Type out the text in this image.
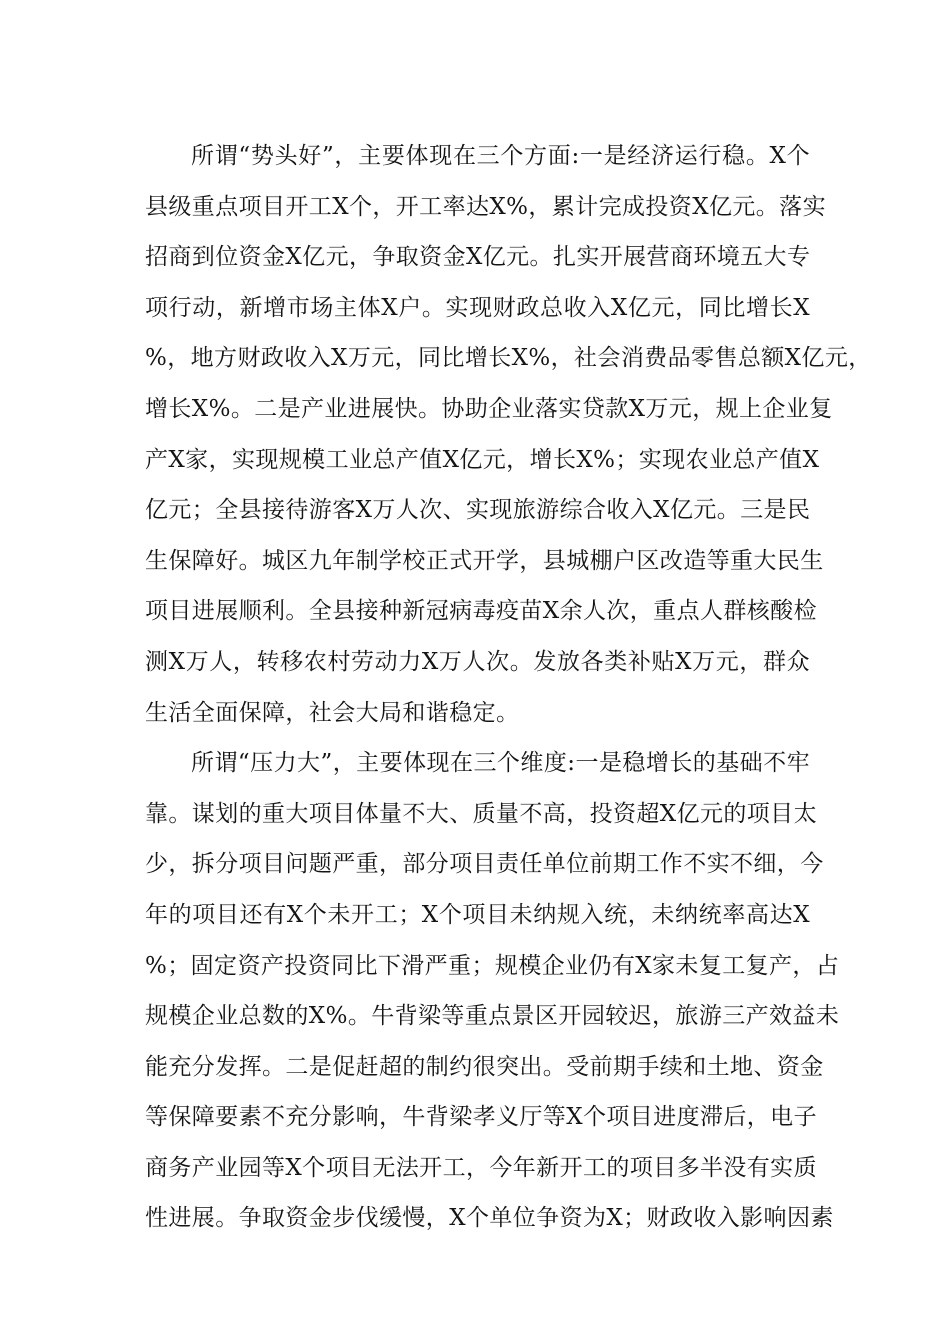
所谓“势头好”，主要体现在三个方面:一是经济运行稳。X个
县级重点项目开工X个，开工率达X%，累计完成投资X亿元。落实
招商到位资金X亿元，争取资金X亿元。扎实开展营商环境五大专
项行动，新增市场主体X户。实现财政总收入X亿元，同比增长X
%，地方财政收入X万元，同比增长X%，社会消费品零售总额X亿元，
增长X%。二是产业进展快。协助企业落实贷款X万元，规上企业复
产X家，实现规模工业总产值X亿元，增长X%；实现农业总产值X
亿元；全县接待游客X万人次、实现旅游综合收入X亿元。三是民
生保障好。城区九年制学校正式开学，县城棚户区改造等重大民生
项目进展顺利。全县接种新冠病毒疫苗X余人次，重点人群核酸检
测X万人，转移农村劳动力X万人次。发放各类补贴X万元，群众
生活全面保障，社会大局和谐稳定。
所谓“压力大”，主要体现在三个维度:一是稳增长的基础不牢
靠。谋划的重大项目体量不大、质量不高，投资超X亿元的项目太
少，拆分项目问题严重，部分项目责任单位前期工作不实不细，今
年的项目还有X个未开工；X个项目未纳规入统，未纳统率高达X
%；固定资产投资同比下滑严重；规模企业仍有X家未复工复产，占
规模企业总数的X%。牛背梁等重点景区开园较迟，旅游三产效益未
能充分发挥。二是促赶超的制约很突出。受前期手续和土地、资金
等保障要素不充分影响，牛背梁孝义厅等X个项目进度滞后，电子
商务产业园等X个项目无法开工，今年新开工的项目多半没有实质
性进展。争取资金步伐缓慢，X个单位争资为X；财政收入影响因素
